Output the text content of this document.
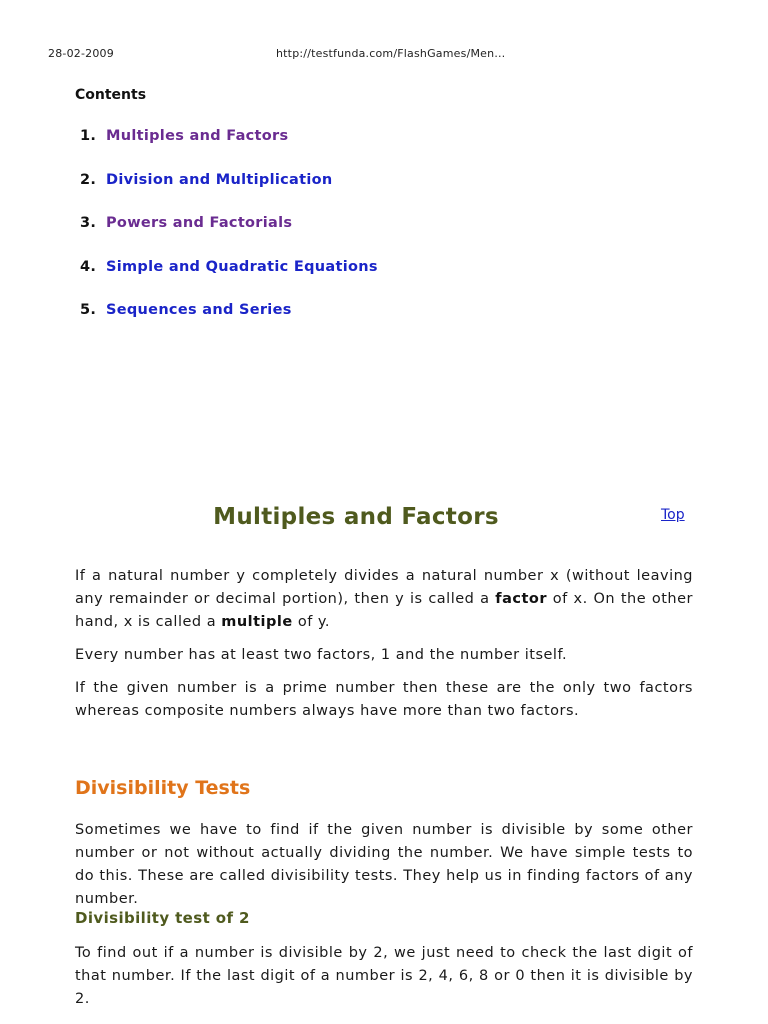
28-02-2009	http://testfunda.com/FlashGames/Men…
Contents
1. Multiples and Factors
2. Division and Multiplication
3. Powers and Factorials
4. Simple and Quadratic Equations
5. Sequences and Series
Multiples and Factors	Top

If a natural number y completely divides a natural number x (without leaving any remainder or decimal portion), then y is called a factor of x. On the other hand, x is called a multiple of y.

Every number has at least two factors, 1 and the number itself.

If the given number is a prime number then these are the only two factors whereas composite numbers always have more than two factors.

Divisibility Tests

Sometimes we have to find if the given number is divisible by some other number or not without actually dividing the number. We have simple tests to do this. These are called divisibility tests. They help us in finding factors of any number.

Divisibility test of 2

To find out if a number is divisible by 2, we just need to check the last digit of that number. If the last digit of a number is 2, 4, 6, 8 or 0 then it is divisible by 2.
